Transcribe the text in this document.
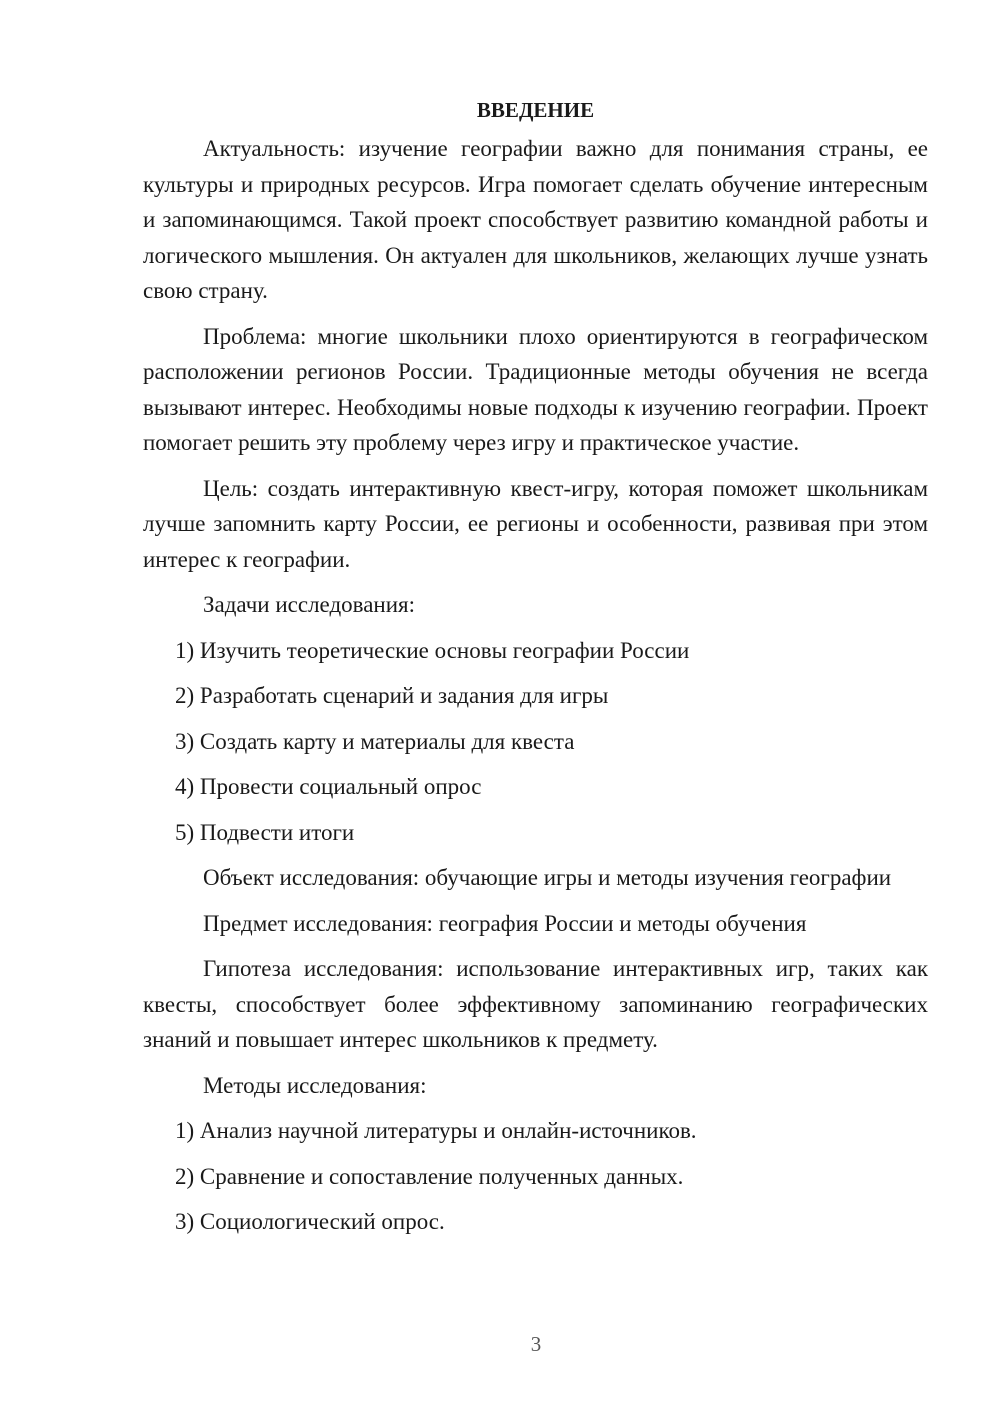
ВВЕДЕНИЕ
Актуальность: изучение географии важно для понимания страны, ее культуры и природных ресурсов. Игра помогает сделать обучение интересным и запоминающимся. Такой проект способствует развитию командной работы и логического мышления. Он актуален для школьников, желающих лучше узнать свою страну.
Проблема: многие школьники плохо ориентируются в географическом расположении регионов России. Традиционные методы обучения не всегда вызывают интерес. Необходимы новые подходы к изучению географии. Проект помогает решить эту проблему через игру и практическое участие.
Цель: создать интерактивную квест-игру, которая поможет школьникам лучше запомнить карту России, ее регионы и особенности, развивая при этом интерес к географии.
Задачи исследования:
1) Изучить теоретические основы географии России
2) Разработать сценарий и задания для игры
3) Создать карту и материалы для квеста
4) Провести социальный опрос
5) Подвести итоги
Объект исследования: обучающие игры и методы изучения географии
Предмет исследования: география России и методы обучения
Гипотеза исследования: использование интерактивных игр, таких как квесты, способствует более эффективному запоминанию географических знаний и повышает интерес школьников к предмету.
Методы исследования:
1) Анализ научной литературы и онлайн-источников.
2) Сравнение и сопоставление полученных данных.
3) Социологический опрос.
3
